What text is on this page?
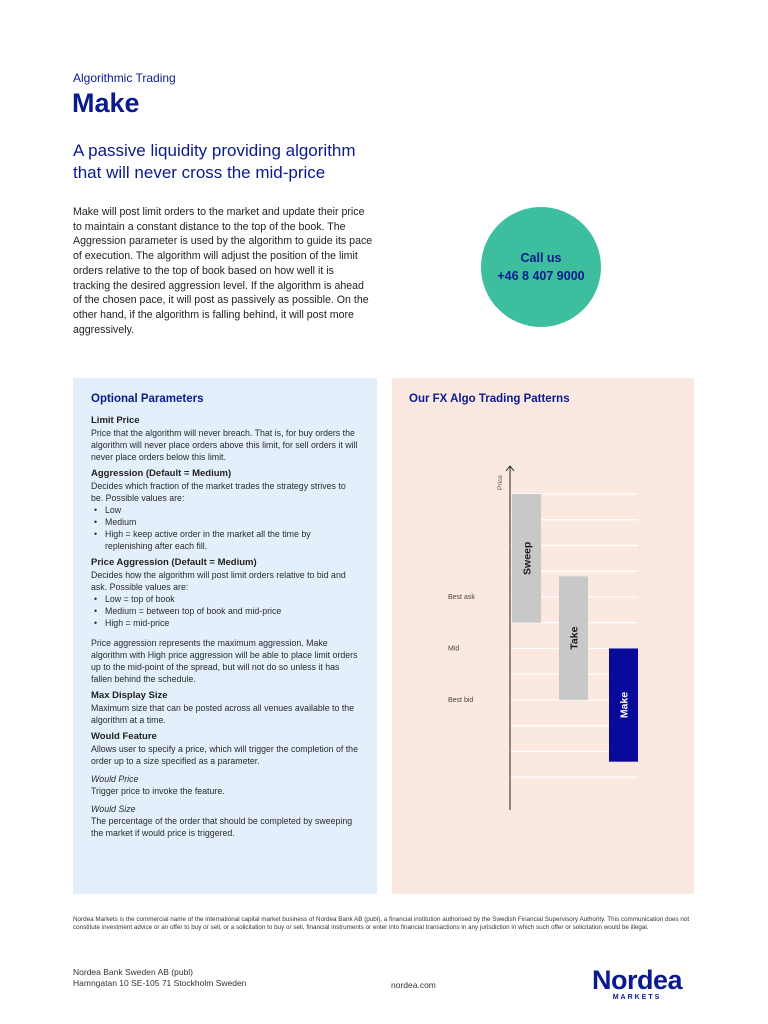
Algorithmic Trading
Make

A passive liquidity providing algorithm
that will never cross the mid-price

Make will post limit orders to the market and update their price to maintain a constant distance to the top of the book. The Aggression parameter is used by the algorithm to guide its pace of execution. The algorithm will adjust the position of the limit orders relative to the top of book based on how well it is tracking the desired aggression level. If the algorithm is ahead of the chosen pace, it will post as passively as possible. On the other hand, if the algorithm is falling behind, it will post more aggressively.

Call us
+46 8 407 9000
Optional Parameters
Limit Price

Price that the algorithm will never breach. That is, for buy orders the algorithm will never place orders above this limit, for sell orders it will never place orders below this limit.

Aggression (Default = Medium)

Decides which fraction of the market trades the strategy strives to be. Possible values are:

• Low
• Medium
• High = keep active order in the market all the time by replenishing after each fill.
Price Aggression (Default = Medium)

Decides how the algorithm will post limit orders relative to bid and ask. Possible values are:

• Low = top of book
• Medium = between top of book and mid-price
• High = mid-price

Price aggression represents the maximum aggression. Make algorithm with High price aggression will be able to place limit orders up to the mid-point of the spread, but will not do so unless it has fallen behind the schedule.

Max Display Size

Maximum size that can be posted across all venues available to the algorithm at a time.

Would Feature

Allows user to specify a price, which will trigger the completion of the order up to a size specified as a parameter.

Would Price

Trigger price to invoke the feature.

Would Size

The percentage of the order that should be completed by sweeping the market if would price is triggered.

Our FX Algo Trading Patterns
Price
Best ask
Mid
Best bid
Sweep
Take
Make

Nordea Markets is the commercial name of the international capital market business of Nordea Bank AB (publ), a financial institution authorised by the Swedish Financial Supervisory Authority. This communication does not constitute investment advice or an offer to buy or sell, or a solicitation to buy or sell, financial instruments or enter into financial transactions in any jurisdiction in which such offer or solicitation would be illegal.

Nordea Bank Sweden AB (publ)
Hamngatan 10 SE-105 71 Stockholm Sweden	nordea.com	Nordea
MARKETS
